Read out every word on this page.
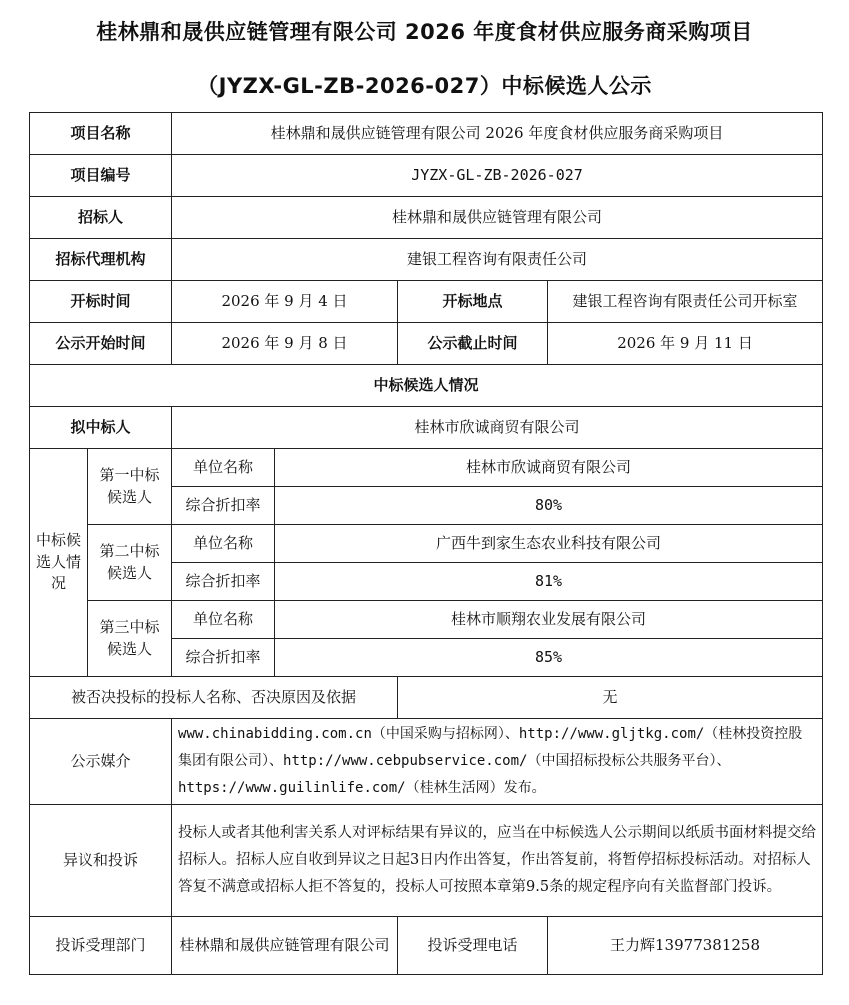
桂林鼎和晟供应链管理有限公司 2026 年度食材供应服务商采购项目
（JYZX-GL-ZB-2026-027）中标候选人公示
项目名称		桂林鼎和晟供应链管理有限公司 2026 年度食材供应服务商采购项目			
项目编号		JYZX-GL-ZB-2026-027			
招标人		桂林鼎和晟供应链管理有限公司			
招标代理机构		建银工程咨询有限责任公司			
开标时间		2026 年 9 月 4 日		开标地点	建银工程咨询有限责任公司开标室
公示开始时间		2026 年 9 月 8 日		公示截止时间	2026 年 9 月 11 日
中标候选人情况					
拟中标人		桂林市欣诚商贸有限公司			
中标候选人情况	第一中标候选人	单位名称	桂林市欣诚商贸有限公司		
		综合折扣率	80%		
	第二中标候选人	单位名称	广西牛到家生态农业科技有限公司		
		综合折扣率	81%		
	第三中标候选人	单位名称	桂林市顺翔农业发展有限公司		
		综合折扣率	85%		
被否决投标的投标人名称、否决原因及依据				无	
公示媒介		www.chinabidding.com.cn（中国采购与招标网）、http://www.gljtkg.com/（桂林投资控股集团有限公司）、http://www.cebpubservice.com/（中国招标投标公共服务平台）、https://www.guilinlife.com/（桂林生活网）发布。			
异议和投诉		投标人或者其他利害关系人对评标结果有异议的，应当在中标候选人公示期间以纸质书面材料提交给招标人。招标人应自收到异议之日起3日内作出答复，作出答复前，将暂停招标投标活动。对招标人答复不满意或招标人拒不答复的，投标人可按照本章第9.5条的规定程序向有关监督部门投诉。			
投诉受理部门		桂林鼎和晟供应链管理有限公司		投诉受理电话	王力辉13977381258
